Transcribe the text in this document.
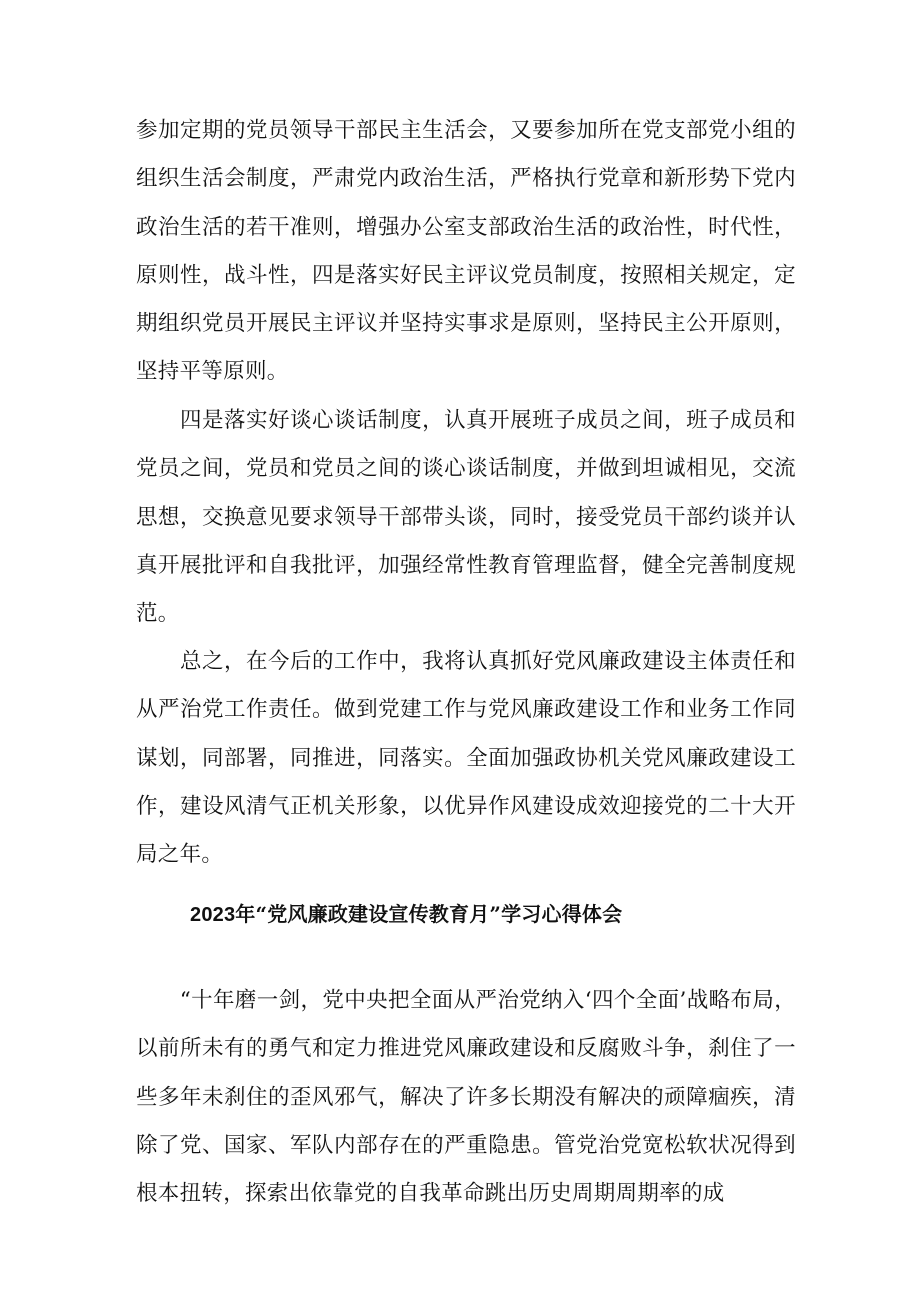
参加定期的党员领导干部民主生活会，又要参加所在党支部党小组的组织生活会制度，严肃党内政治生活，严格执行党章和新形势下党内政治生活的若干准则，增强办公室支部政治生活的政治性，时代性，原则性，战斗性，四是落实好民主评议党员制度，按照相关规定，定期组织党员开展民主评议并坚持实事求是原则，坚持民主公开原则，坚持平等原则。

　　四是落实好谈心谈话制度，认真开展班子成员之间，班子成员和党员之间，党员和党员之间的谈心谈话制度，并做到坦诚相见，交流思想，交换意见要求领导干部带头谈，同时，接受党员干部约谈并认真开展批评和自我批评，加强经常性教育管理监督，健全完善制度规范。

　　总之，在今后的工作中，我将认真抓好党风廉政建设主体责任和从严治党工作责任。做到党建工作与党风廉政建设工作和业务工作同谋划，同部署，同推进，同落实。全面加强政协机关党风廉政建设工作，建设风清气正机关形象，以优异作风建设成效迎接党的二十大开局之年。

2023年“党风廉政建设宣传教育月”学习心得体会

　　“十年磨一剑，党中央把全面从严治党纳入‘四个全面’战略布局，以前所未有的勇气和定力推进党风廉政建设和反腐败斗争，刹住了一些多年未刹住的歪风邪气，解决了许多长期没有解决的顽障痼疾，清除了党、国家、军队内部存在的严重隐患。管党治党宽松软状况得到根本扭转，探索出依靠党的自我革命跳出历史周期周期率的成
